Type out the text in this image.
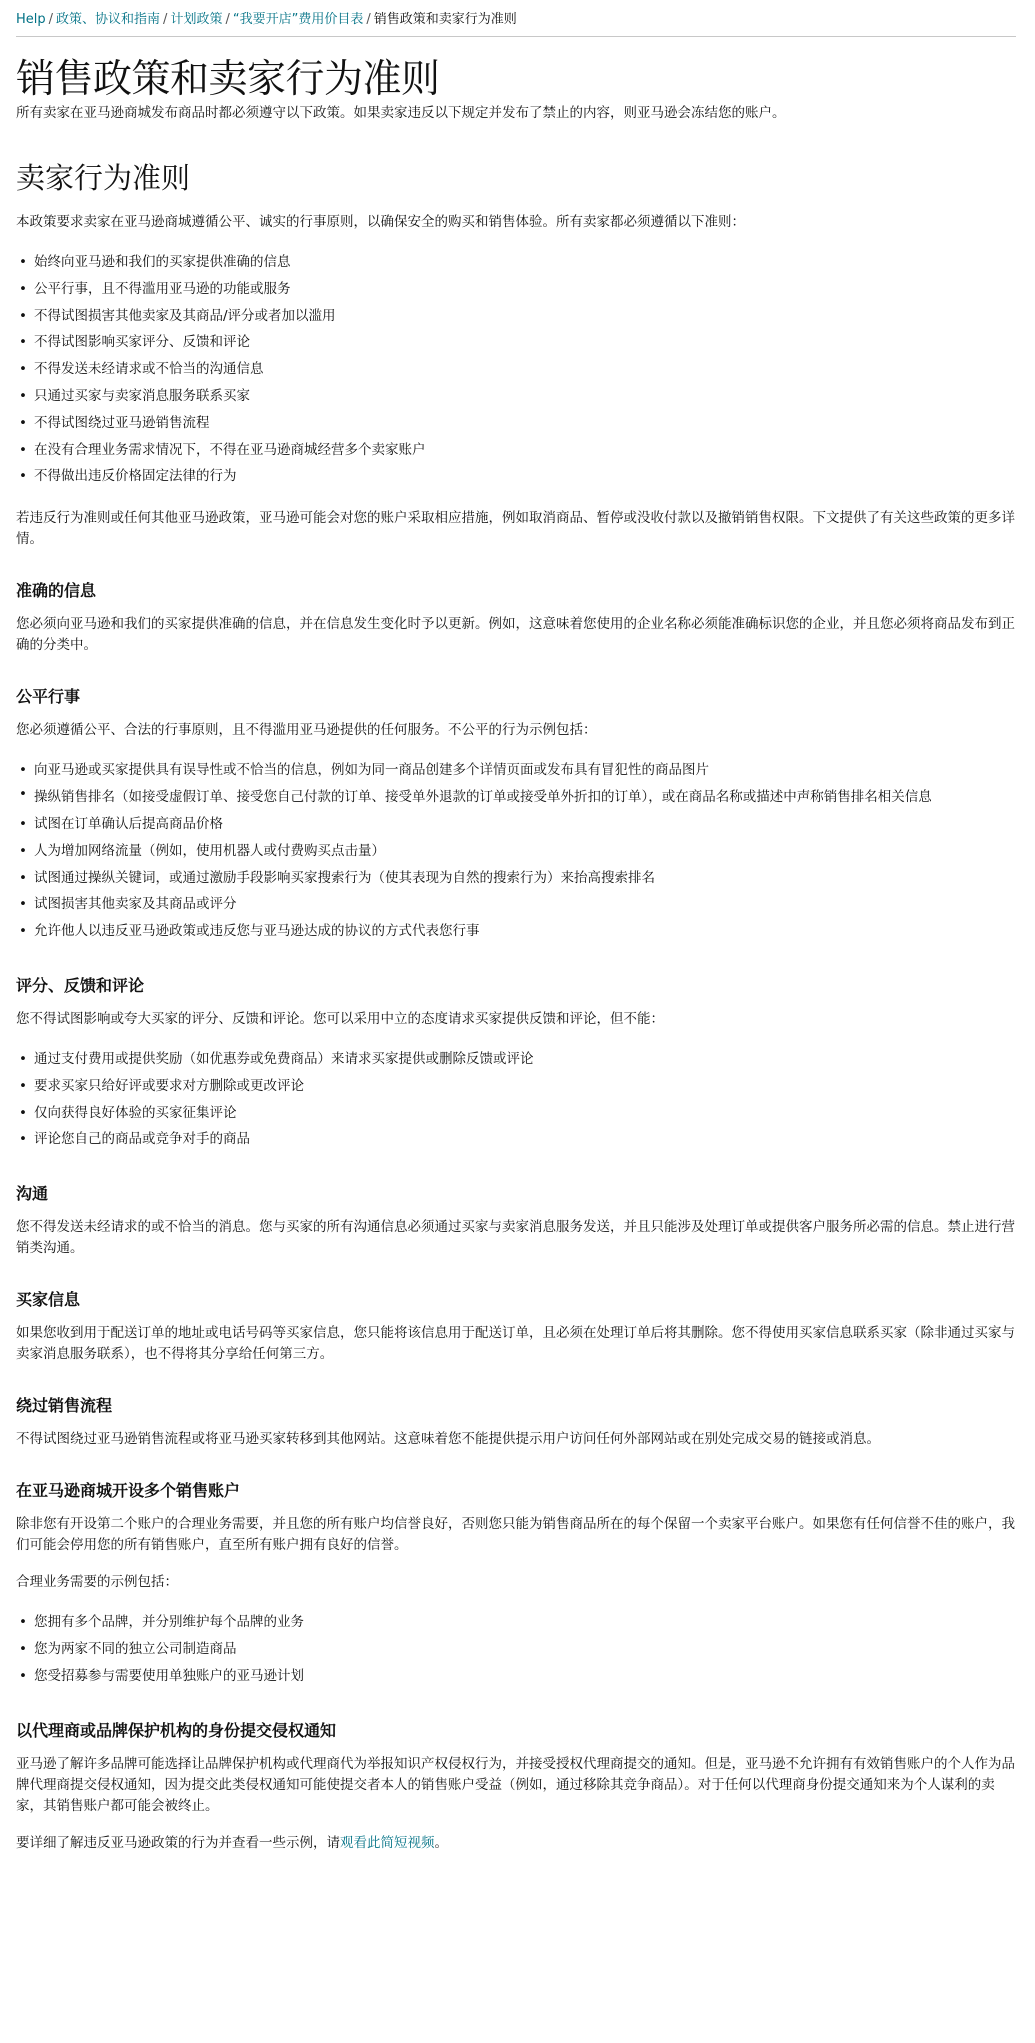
Help / 政策、协议和指南 / 计划政策 / “我要开店”费用价目表 / 销售政策和卖家行为准则
销售政策和卖家行为准则

所有卖家在亚马逊商城发布商品时都必须遵守以下政策。如果卖家违反以下规定并发布了禁止的内容，则亚马逊会冻结您的账户。

卖家行为准则

本政策要求卖家在亚马逊商城遵循公平、诚实的行事原则，以确保安全的购买和销售体验。所有卖家都必须遵循以下准则：

• 始终向亚马逊和我们的买家提供准确的信息
• 公平行事，且不得滥用亚马逊的功能或服务
• 不得试图损害其他卖家及其商品/评分或者加以滥用
• 不得试图影响买家评分、反馈和评论
• 不得发送未经请求或不恰当的沟通信息
• 只通过买家与卖家消息服务联系买家
• 不得试图绕过亚马逊销售流程
• 在没有合理业务需求情况下，不得在亚马逊商城经营多个卖家账户
• 不得做出违反价格固定法律的行为

若违反行为准则或任何其他亚马逊政策，亚马逊可能会对您的账户采取相应措施，例如取消商品、暂停或没收付款以及撤销销售权限。下文提供了有关这些政策的更多详情。

准确的信息

您必须向亚马逊和我们的买家提供准确的信息，并在信息发生变化时予以更新。例如，这意味着您使用的企业名称必须能准确标识您的企业，并且您必须将商品发布到正确的分类中。

公平行事

您必须遵循公平、合法的行事原则，且不得滥用亚马逊提供的任何服务。不公平的行为示例包括：

• 向亚马逊或买家提供具有误导性或不恰当的信息，例如为同一商品创建多个详情页面或发布具有冒犯性的商品图片
• 操纵销售排名（如接受虚假订单、接受您自己付款的订单、接受单外退款的订单或接受单外折扣的订单），或在商品名称或描述中声称销售排名相关信息
• 试图在订单确认后提高商品价格
• 人为增加网络流量（例如，使用机器人或付费购买点击量）
• 试图通过操纵关键词，或通过激励手段影响买家搜索行为（使其表现为自然的搜索行为）来抬高搜索排名
• 试图损害其他卖家及其商品或评分
• 允许他人以违反亚马逊政策或违反您与亚马逊达成的协议的方式代表您行事
评分、反馈和评论

您不得试图影响或夸大买家的评分、反馈和评论。您可以采用中立的态度请求买家提供反馈和评论，但不能：

• 通过支付费用或提供奖励（如优惠券或免费商品）来请求买家提供或删除反馈或评论
• 要求买家只给好评或要求对方删除或更改评论
• 仅向获得良好体验的买家征集评论
• 评论您自己的商品或竞争对手的商品
沟通

您不得发送未经请求的或不恰当的消息。您与买家的所有沟通信息必须通过买家与卖家消息服务发送，并且只能涉及处理订单或提供客户服务所必需的信息。禁止进行营销类沟通。

买家信息

如果您收到用于配送订单的地址或电话号码等买家信息，您只能将该信息用于配送订单，且必须在处理订单后将其删除。您不得使用买家信息联系买家（除非通过买家与卖家消息服务联系），也不得将其分享给任何第三方。

绕过销售流程

不得试图绕过亚马逊销售流程或将亚马逊买家转移到其他网站。这意味着您不能提供提示用户访问任何外部网站或在别处完成交易的链接或消息。

在亚马逊商城开设多个销售账户

除非您有开设第二个账户的合理业务需要，并且您的所有账户均信誉良好，否则您只能为销售商品所在的每个保留一个卖家平台账户。如果您有任何信誉不佳的账户，我们可能会停用您的所有销售账户，直至所有账户拥有良好的信誉。

合理业务需要的示例包括：

• 您拥有多个品牌，并分别维护每个品牌的业务
• 您为两家不同的独立公司制造商品
• 您受招募参与需要使用单独账户的亚马逊计划
以代理商或品牌保护机构的身份提交侵权通知

亚马逊了解许多品牌可能选择让品牌保护机构或代理商代为举报知识产权侵权行为，并接受授权代理商提交的通知。但是，亚马逊不允许拥有有效销售账户的个人作为品牌代理商提交侵权通知，因为提交此类侵权通知可能使提交者本人的销售账户受益（例如，通过移除其竞争商品）。对于任何以代理商身份提交通知来为个人谋利的卖家，其销售账户都可能会被终止。

要详细了解违反亚马逊政策的行为并查看一些示例，请观看此简短视频。
